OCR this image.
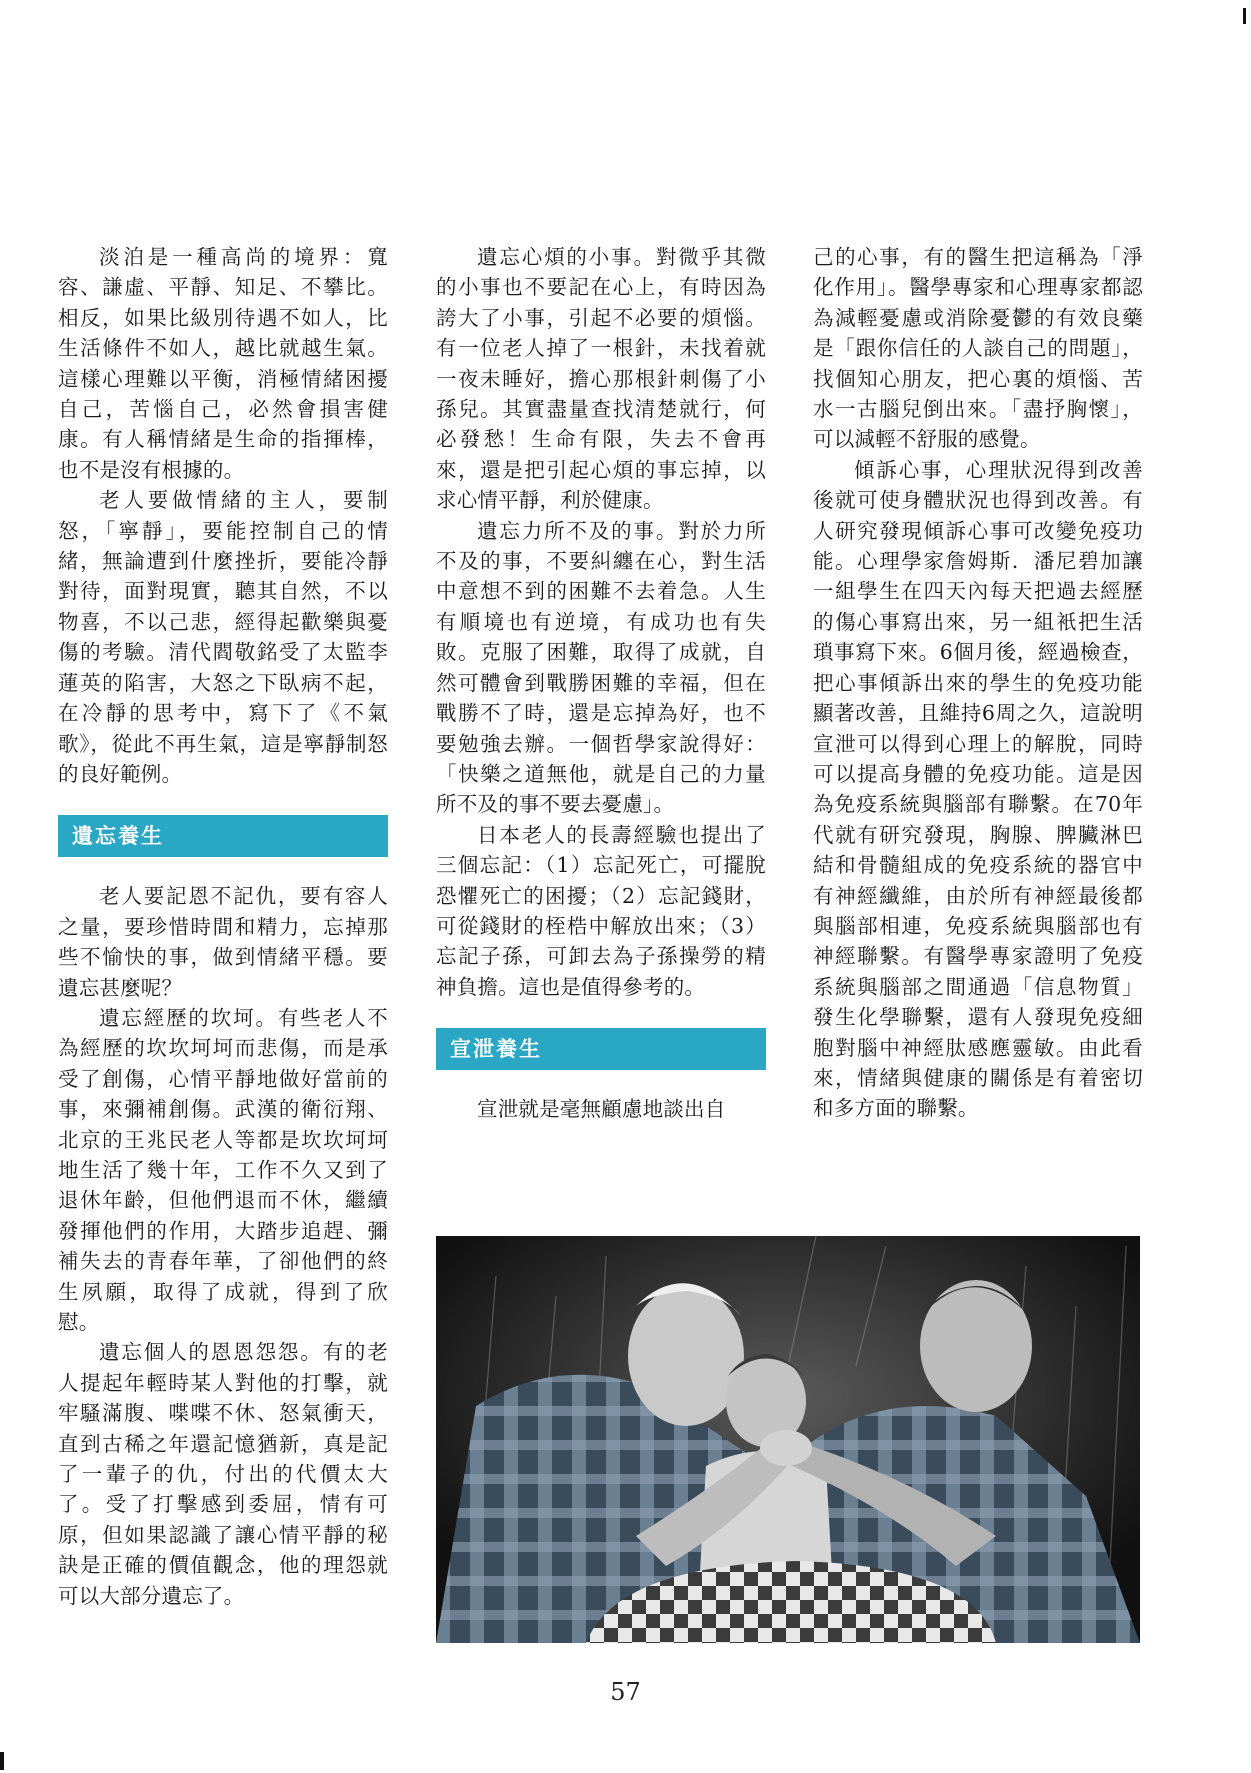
淡泊是一種高尚的境界：寬容、謙虛、平靜、知足、不攀比。相反，如果比級別待遇不如人，比生活條件不如人，越比就越生氣。這樣心理難以平衡，消極情緒困擾自己，苦惱自己，必然會損害健康。有人稱情緒是生命的指揮棒，也不是沒有根據的。

老人要做情緒的主人，要制怒，「寧靜」，要能控制自己的情緒，無論遭到什麼挫折，要能冷靜對待，面對現實，聽其自然，不以物喜，不以己悲，經得起歡樂與憂傷的考驗。清代閻敬銘受了太監李蓮英的陷害，大怒之下臥病不起，在冷靜的思考中，寫下了《不氣歌》，從此不再生氣，這是寧靜制怒的良好範例。

遺忘養生

老人要記恩不記仇，要有容人之量，要珍惜時間和精力，忘掉那些不愉快的事，做到情緒平穩。要遺忘甚麼呢？

遺忘經歷的坎坷。有些老人不為經歷的坎坎坷坷而悲傷，而是承受了創傷，心情平靜地做好當前的事，來彌補創傷。武漢的衛衍翔、北京的王兆民老人等都是坎坎坷坷地生活了幾十年，工作不久又到了退休年齡，但他們退而不休，繼續發揮他們的作用，大踏步追趕、彌補失去的青春年華，了卻他們的終生夙願，取得了成就，得到了欣慰。

遺忘個人的恩恩怨怨。有的老人提起年輕時某人對他的打擊，就牢騷滿腹、喋喋不休、怒氣衝天，直到古稀之年還記憶猶新，真是記了一輩子的仇，付出的代價太大了。受了打擊感到委屈，情有可原，但如果認識了讓心情平靜的秘訣是正確的價值觀念，他的理怨就可以大部分遺忘了。

遺忘心煩的小事。對微乎其微的小事也不要記在心上，有時因為誇大了小事，引起不必要的煩惱。有一位老人掉了一根針，未找着就一夜未睡好，擔心那根針刺傷了小孫兒。其實盡量查找清楚就行，何必發愁！生命有限，失去不會再來，還是把引起心煩的事忘掉，以求心情平靜，利於健康。

遺忘力所不及的事。對於力所不及的事，不要糾纏在心，對生活中意想不到的困難不去着急。人生有順境也有逆境，有成功也有失敗。克服了困難，取得了成就，自然可體會到戰勝困難的幸福，但在戰勝不了時，還是忘掉為好，也不要勉強去辦。一個哲學家說得好：「快樂之道無他，就是自己的力量所不及的事不要去憂慮」。

日本老人的長壽經驗也提出了三個忘記：（1）忘記死亡，可擺脫恐懼死亡的困擾；（2）忘記錢財，可從錢財的桎梏中解放出來；（3）忘記子孫，可卸去為子孫操勞的精神負擔。這也是值得參考的。

宣泄養生

宣泄就是毫無顧慮地談出自

己的心事，有的醫生把這稱為「淨化作用」。醫學專家和心理專家都認為減輕憂慮或消除憂鬱的有效良藥是「跟你信任的人談自己的問題」，找個知心朋友，把心裏的煩惱、苦水一古腦兒倒出來。「盡抒胸懷」，可以減輕不舒服的感覺。

傾訴心事，心理狀況得到改善後就可使身體狀況也得到改善。有人研究發現傾訴心事可改變免疫功能。心理學家詹姆斯．潘尼碧加讓一組學生在四天內每天把過去經歷的傷心事寫出來，另一組衹把生活瑣事寫下來。6個月後，經過檢查，把心事傾訴出來的學生的免疫功能顯著改善，且維持6周之久，這說明宣泄可以得到心理上的解脫，同時可以提高身體的免疫功能。這是因為免疫系統與腦部有聯繫。在70年代就有研究發現，胸腺、脾臟淋巴結和骨髓組成的免疫系統的器官中有神經纖維，由於所有神經最後都與腦部相連，免疫系統與腦部也有神經聯繫。有醫學專家證明了免疫系統與腦部之間通過「信息物質」發生化學聯繫，還有人發現免疫細胞對腦中神經肽感應靈敏。由此看來，情緒與健康的關係是有着密切和多方面的聯繫。

57
